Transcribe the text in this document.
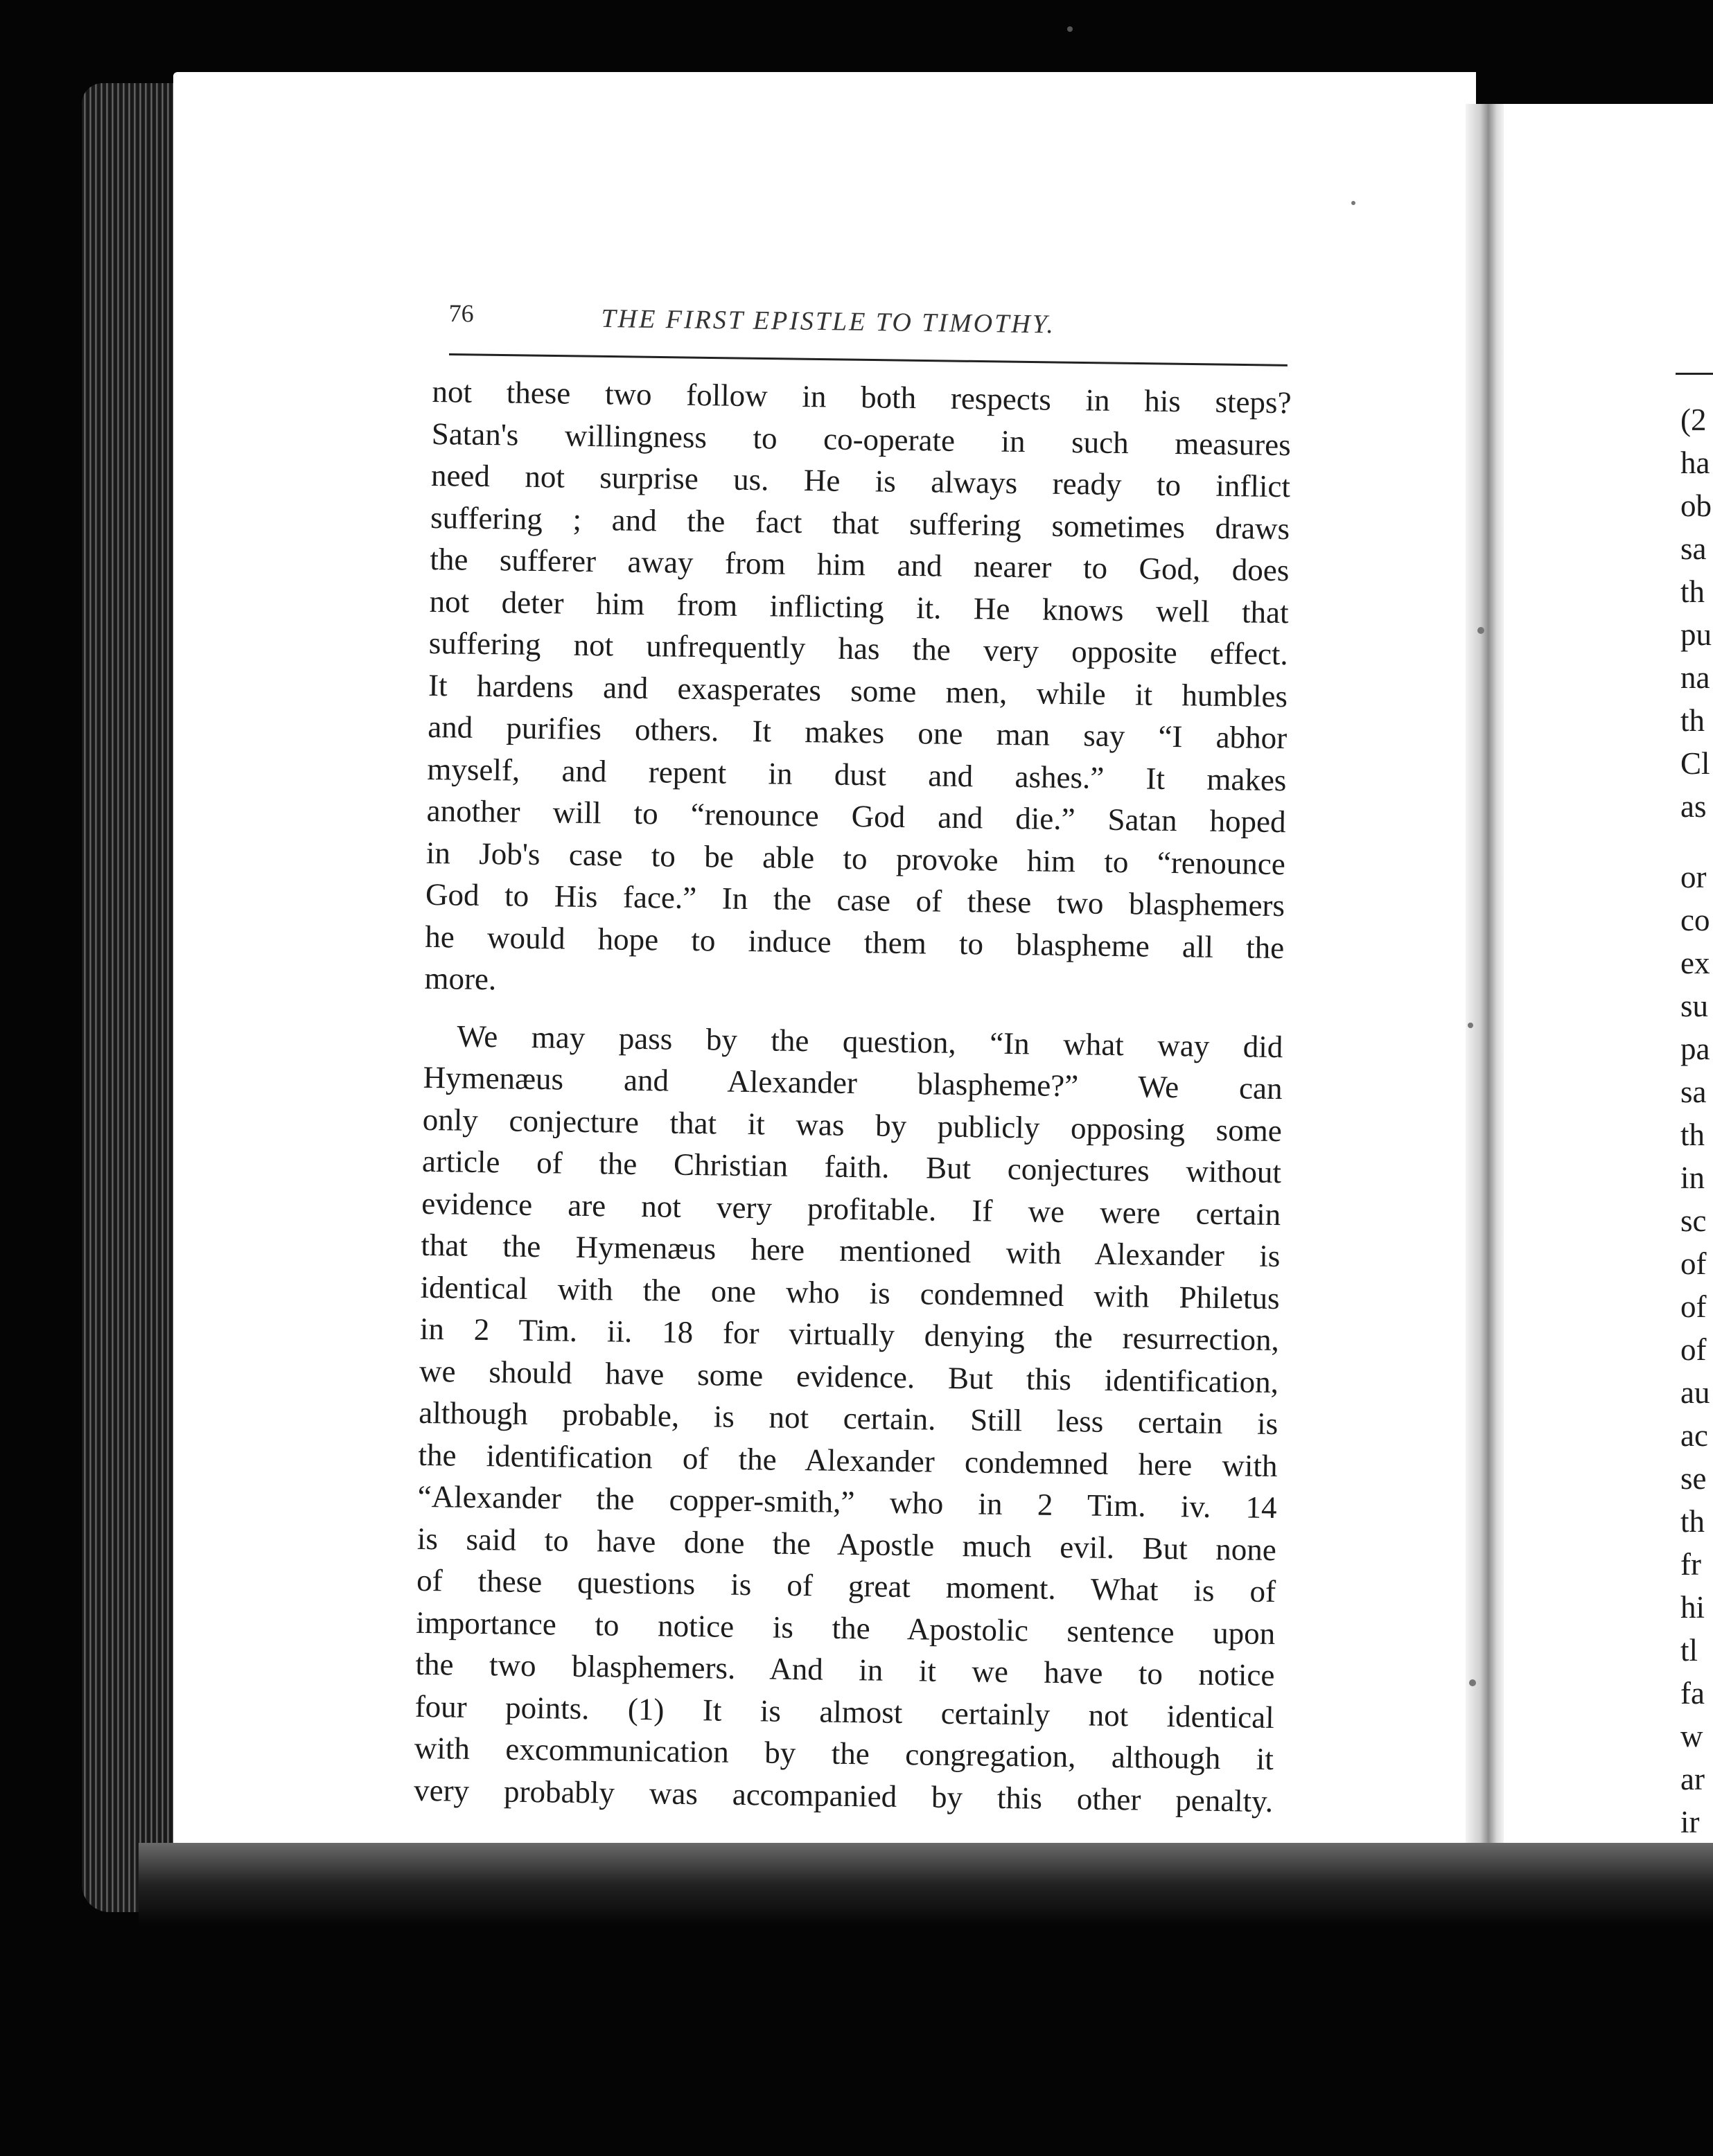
76	THE FIRST EPISTLE TO TIMOTHY.
not these two follow in both respects in his steps?
Satan's willingness to co-operate in such measures
need not surprise us. He is always ready to inflict
suffering ; and the fact that suffering sometimes draws
the sufferer away from him and nearer to God, does
not deter him from inflicting it. He knows well that
suffering not unfrequently has the very opposite effect.
It hardens and exasperates some men, while it humbles
and purifies others. It makes one man say “I abhor
myself, and repent in dust and ashes.” It makes
another will to “renounce God and die.” Satan hoped
in Job's case to be able to provoke him to “renounce
God to His face.” In the case of these two blasphemers
he would hope to induce them to blaspheme all the
more.
We may pass by the question, “In what way did
Hymenæus and Alexander blaspheme?” We can
only conjecture that it was by publicly opposing some
article of the Christian faith. But conjectures without
evidence are not very profitable. If we were certain
that the Hymenæus here mentioned with Alexander is
identical with the one who is condemned with Philetus
in 2 Tim. ii. 18 for virtually denying the resurrection,
we should have some evidence. But this identification,
although probable, is not certain. Still less certain is
the identification of the Alexander condemned here with
“Alexander the copper-smith,” who in 2 Tim. iv. 14
is said to have done the Apostle much evil. But none
of these questions is of great moment. What is of
importance to notice is the Apostolic sentence upon
the two blasphemers. And in it we have to notice
four points. (1) It is almost certainly not identical
with excommunication by the congregation, although it
very probably was accompanied by this other penalty.
(2
ha
ob
sa
th
pu
na
th
Cl
as
or
co
ex
su
pa
sa
th
in
sc
of
of
of
au
ac
se
th
fr
hi
tl
fa
w
ar
ir
